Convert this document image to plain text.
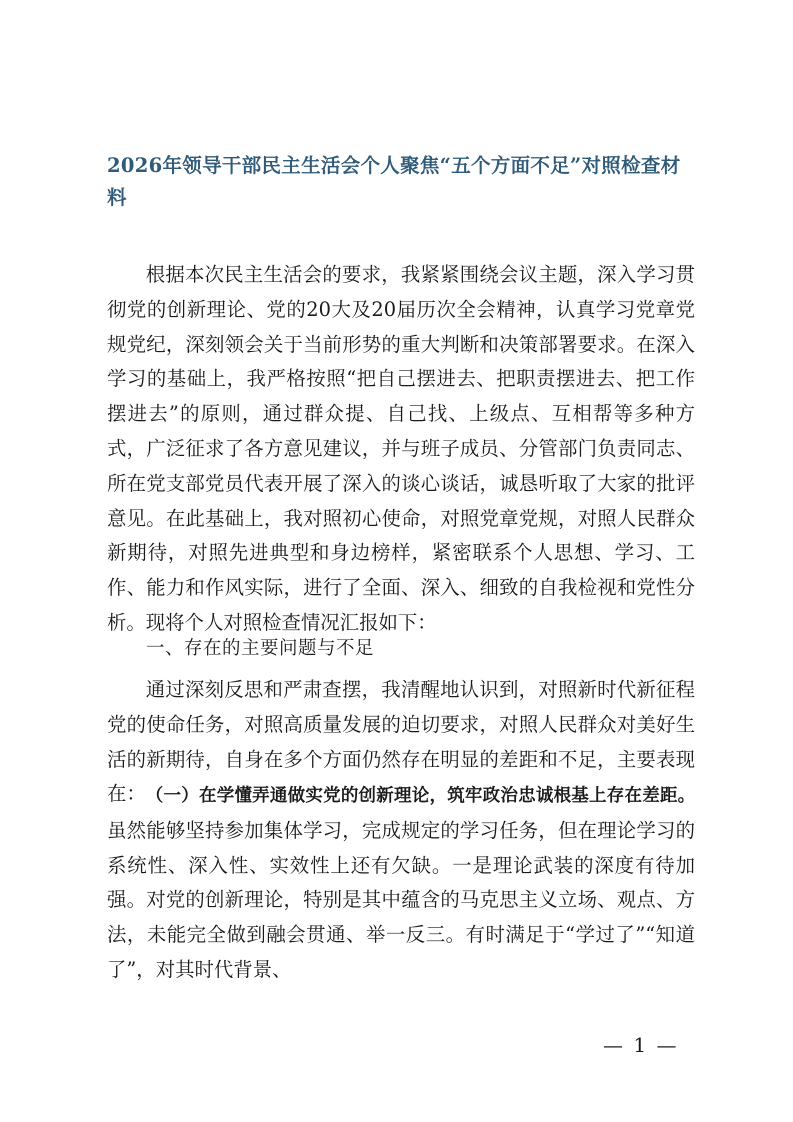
2026年领导干部民主生活会个人聚焦“五个方面不足”对照检查材料

根据本次民主生活会的要求，我紧紧围绕会议主题，深入学习贯彻党的创新理论、党的20大及20届历次全会精神，认真学习党章党规党纪，深刻领会关于当前形势的重大判断和决策部署要求。在深入学习的基础上，我严格按照“把自己摆进去、把职责摆进去、把工作摆进去”的原则，通过群众提、自己找、上级点、互相帮等多种方式，广泛征求了各方意见建议，并与班子成员、分管部门负责同志、所在党支部党员代表开展了深入的谈心谈话，诚恳听取了大家的批评意见。在此基础上，我对照初心使命，对照党章党规，对照人民群众新期待，对照先进典型和身边榜样，紧密联系个人思想、学习、工作、能力和作风实际，进行了全面、深入、细致的自我检视和党性分析。现将个人对照检查情况汇报如下：

一、存在的主要问题与不足

通过深刻反思和严肃查摆，我清醒地认识到，对照新时代新征程党的使命任务，对照高质量发展的迫切要求，对照人民群众对美好生活的新期待，自身在多个方面仍然存在明显的差距和不足，主要表现在： （一）在学懂弄通做实党的创新理论，筑牢政治忠诚根基上存在差距。虽然能够坚持参加集体学习，完成规定的学习任务，但在理论学习的系统性、深入性、实效性上还有欠缺。一是理论武装的深度有待加强。对党的创新理论，特别是其中蕴含的马克思主义立场、观点、方法，未能完全做到融会贯通、举一反三。有时满足于“学过了”“知道了”，对其时代背景、

— 1 —
